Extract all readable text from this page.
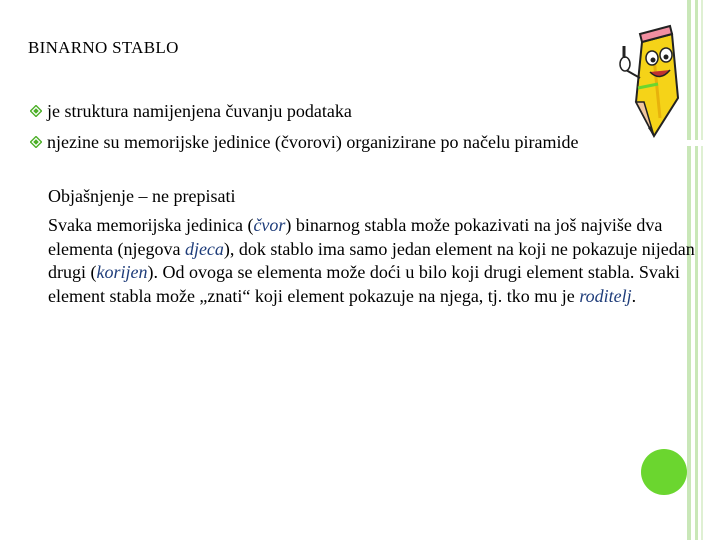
BINARNO STABLO
je struktura namijenjena čuvanju podataka
njezine su memorijske jedinice (čvorovi) organizirane po načelu piramide
Objašnjenje – ne prepisati
Svaka memorijska jedinica (čvor) binarnog stabla može pokazivati na još najviše dva elementa (njegova djeca), dok stablo ima samo jedan element na koji ne pokazuje nijedan drugi (korijen). Od ovoga se elementa može doći u bilo koji drugi element stabla. Svaki element stabla može „znati“ koji element pokazuje na njega, tj. tko mu je roditelj.
